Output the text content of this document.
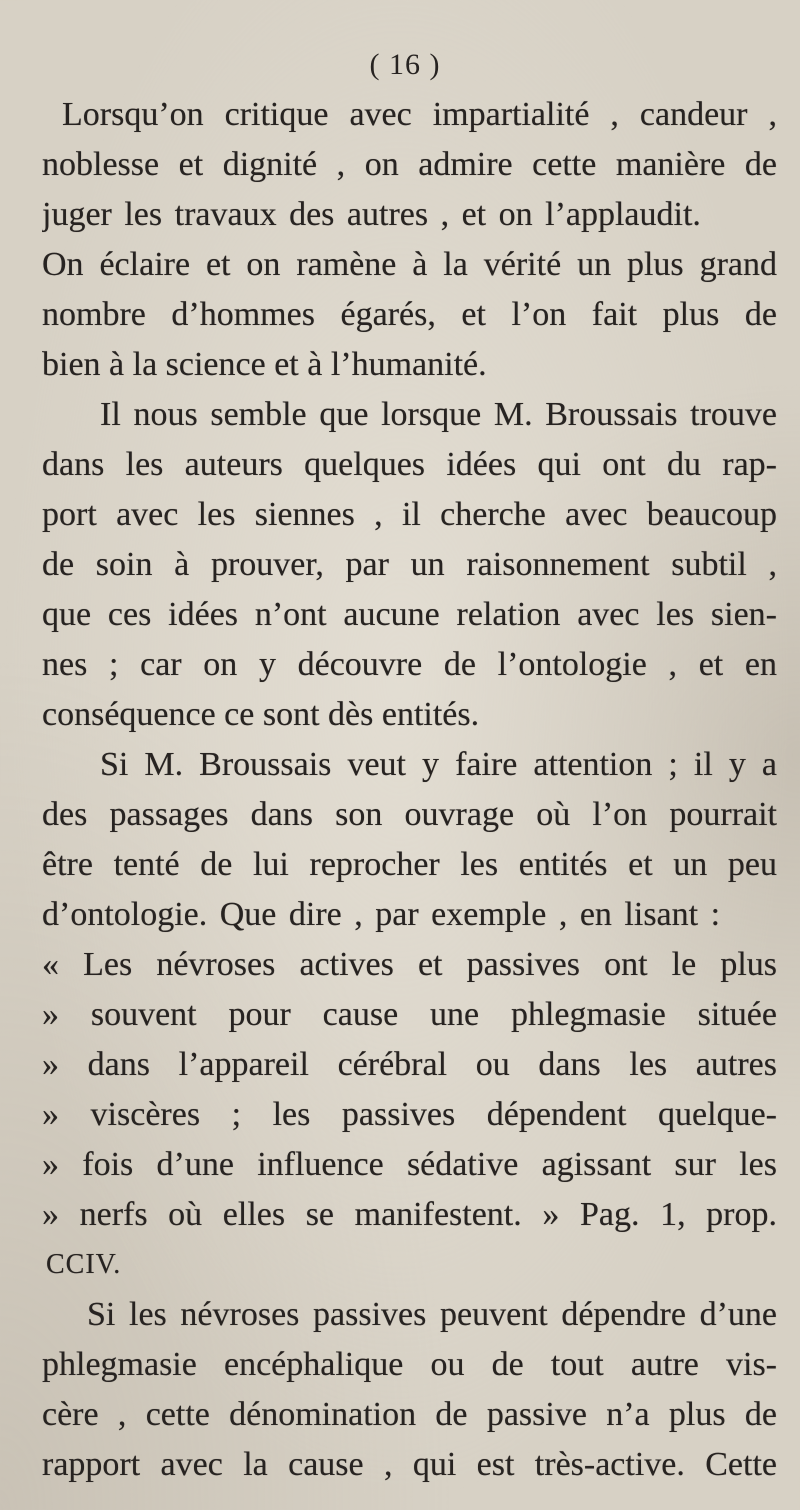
( 16 )
Lorsqu’on critique avec impartialité , candeur ,
noblesse et dignité , on admire cette manière de
juger les travaux des autres , et on l’applaudit.
On éclaire et on ramène à la vérité un plus grand
nombre d’hommes égarés, et l’on fait plus de
bien à la science et à l’humanité.
Il nous semble que lorsque M. Broussais trouve
dans les auteurs quelques idées qui ont du rap-
port avec les siennes , il cherche avec beaucoup
de soin à prouver, par un raisonnement subtil ,
que ces idées n’ont aucune relation avec les sien-
nes ; car on y découvre de l’ontologie , et en
conséquence ce sont dès entités.
Si M. Broussais veut y faire attention ; il y a
des passages dans son ouvrage où l’on pourrait
être tenté de lui reprocher les entités et un peu
d’ontologie. Que dire , par exemple , en lisant :
« Les névroses actives et passives ont le plus
» souvent pour cause une phlegmasie située
» dans l’appareil cérébral ou dans les autres
» viscères ; les passives dépendent quelque-
» fois d’une influence sédative agissant sur les
» nerfs où elles se manifestent. » Pag. 1, prop.
CCIV.
Si les névroses passives peuvent dépendre d’une
phlegmasie encéphalique ou de tout autre vis-
cère , cette dénomination de passive n’a plus de
rapport avec la cause , qui est très-active. Cette
